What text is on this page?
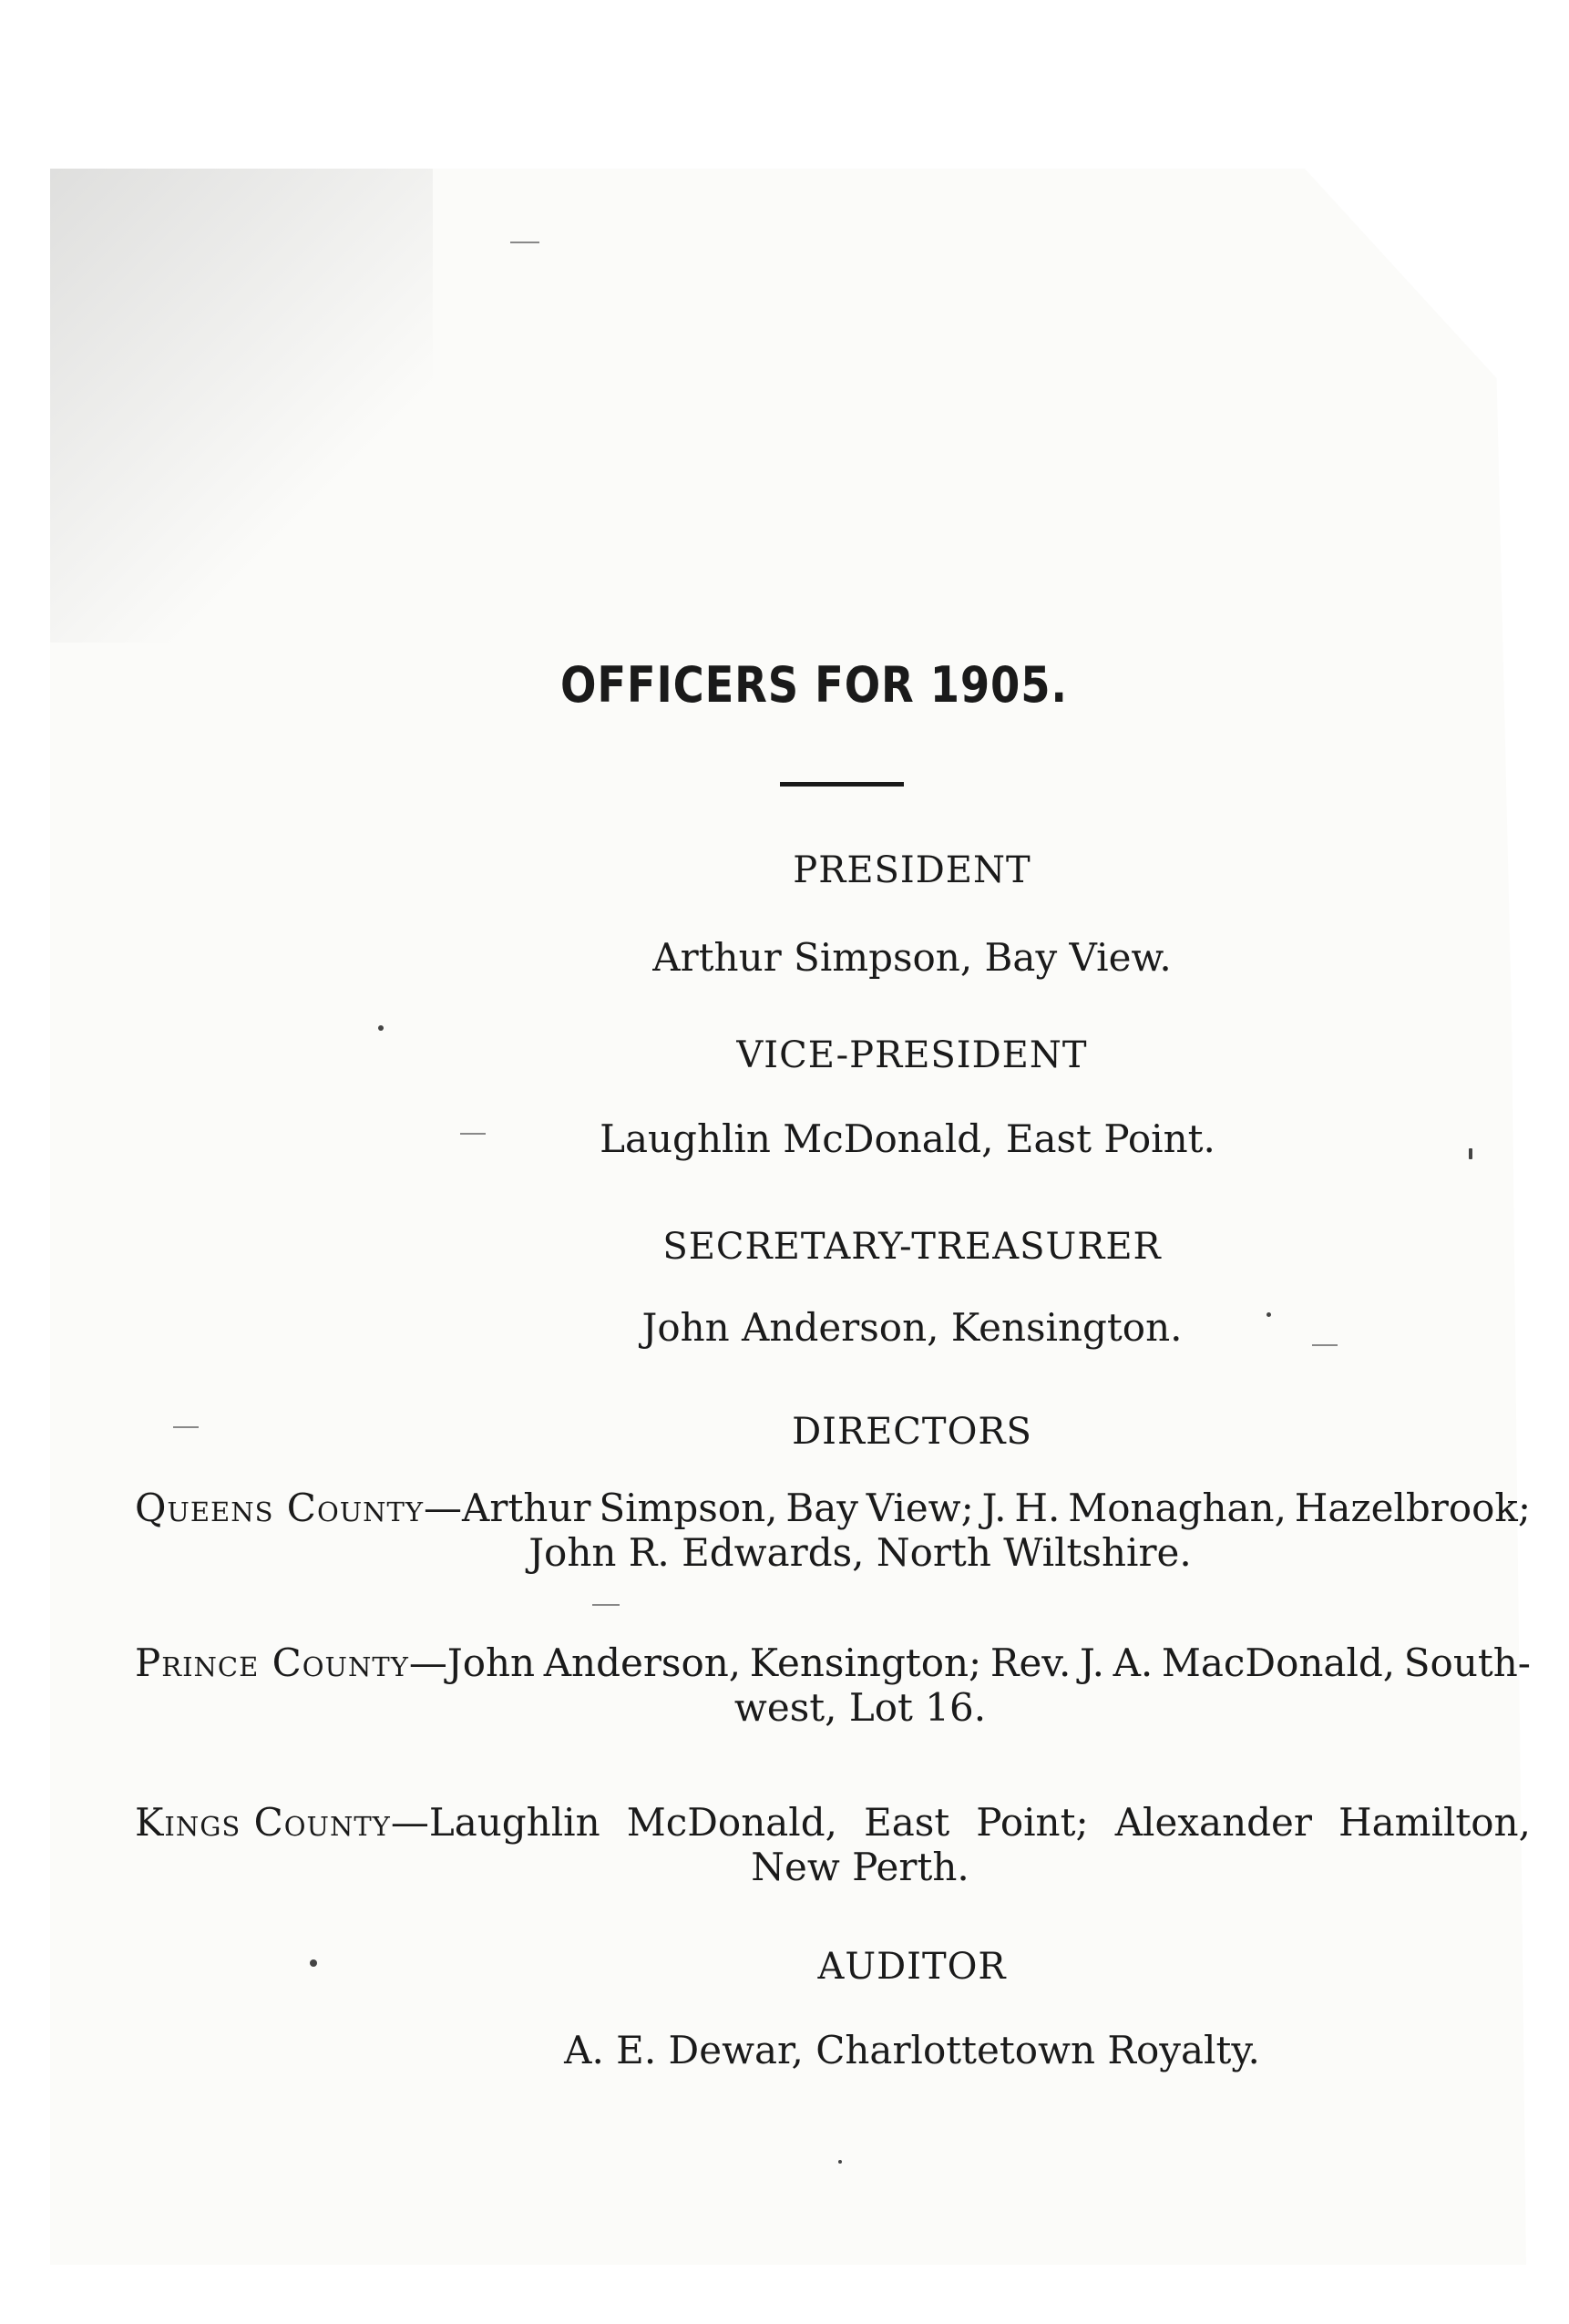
OFFICERS FOR 1905.
PRESIDENT
Arthur Simpson, Bay View.
VICE-PRESIDENT
Laughlin McDonald, East Point.
SECRETARY-TREASURER
John Anderson, Kensington.
DIRECTORS
Queens County—Arthur Simpson, Bay View; J. H. Monaghan, Hazelbrook;
John R. Edwards, North Wiltshire.
Prince County—John Anderson, Kensington; Rev. J. A. MacDonald, South-
west, Lot 16.
Kings County—Laughlin McDonald, East Point; Alexander Hamilton,
New Perth.
AUDITOR
A. E. Dewar, Charlottetown Royalty.
